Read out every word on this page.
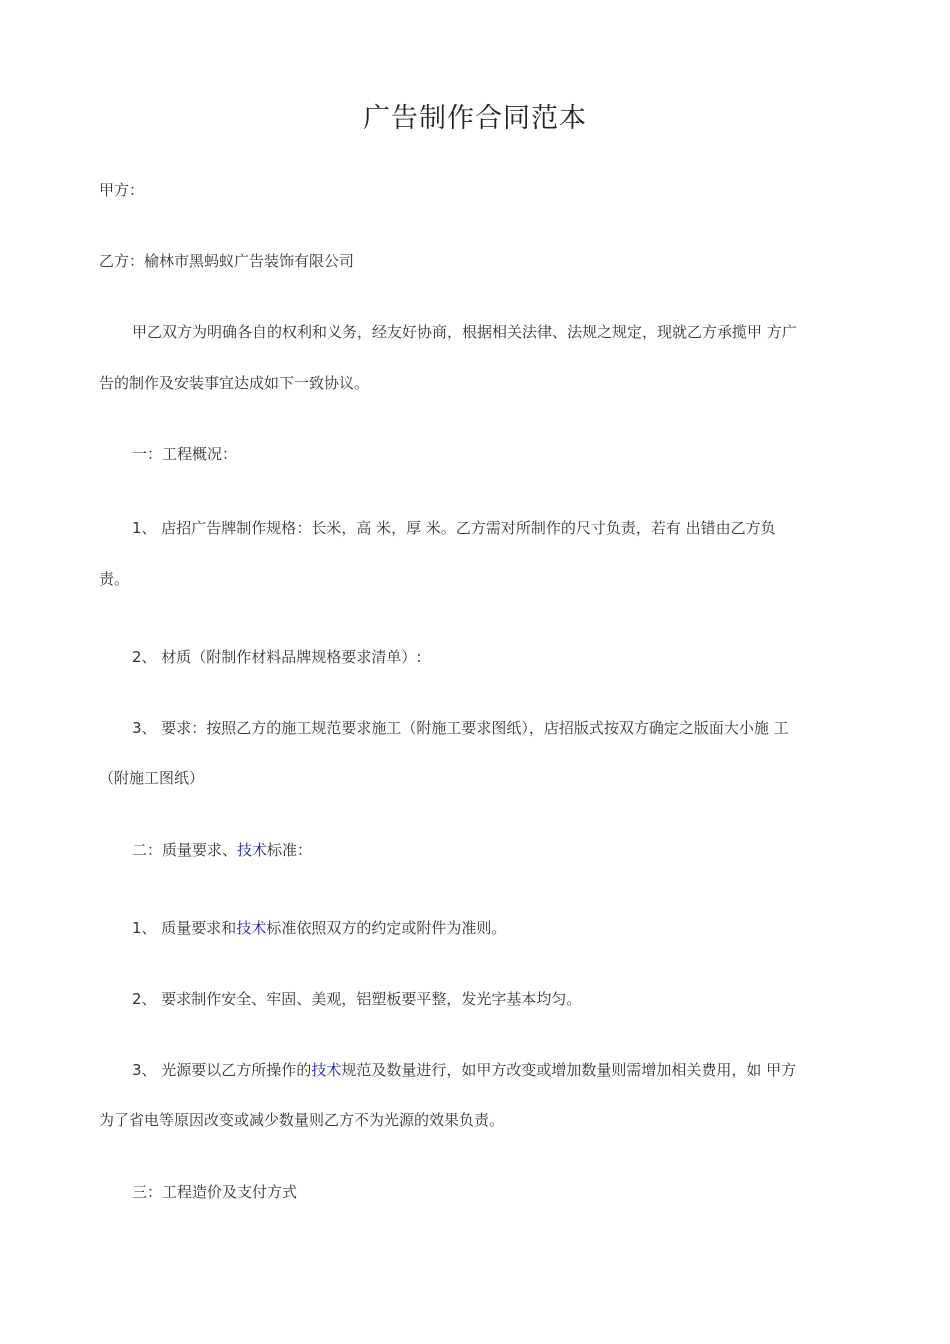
广告制作合同范本
甲方：
乙方：榆林市黑蚂蚁广告装饰有限公司
甲乙双方为明确各自的权利和义务，经友好协商，根据相关法律、法规之规定，现就乙方承揽甲 方广
告的制作及安装事宜达成如下一致协议。
一：工程概况：
1、 店招广告牌制作规格：长米，高 米，厚 米。乙方需对所制作的尺寸负责，若有 出错由乙方负
责。
2、 材质（附制作材料品牌规格要求清单）:
3、 要求：按照乙方的施工规范要求施工（附施工要求图纸），店招版式按双方确定之版面大小施 工
（附施工图纸）
二：质量要求、技术标准：
1、 质量要求和技术标准依照双方的约定或附件为准则。
2、 要求制作安全、牢固、美观，铝塑板要平整，发光字基本均匀。
3、 光源要以乙方所操作的技术规范及数量进行，如甲方改变或增加数量则需增加相关费用，如 甲方
为了省电等原因改变或减少数量则乙方不为光源的效果负责。
三：工程造价及支付方式
